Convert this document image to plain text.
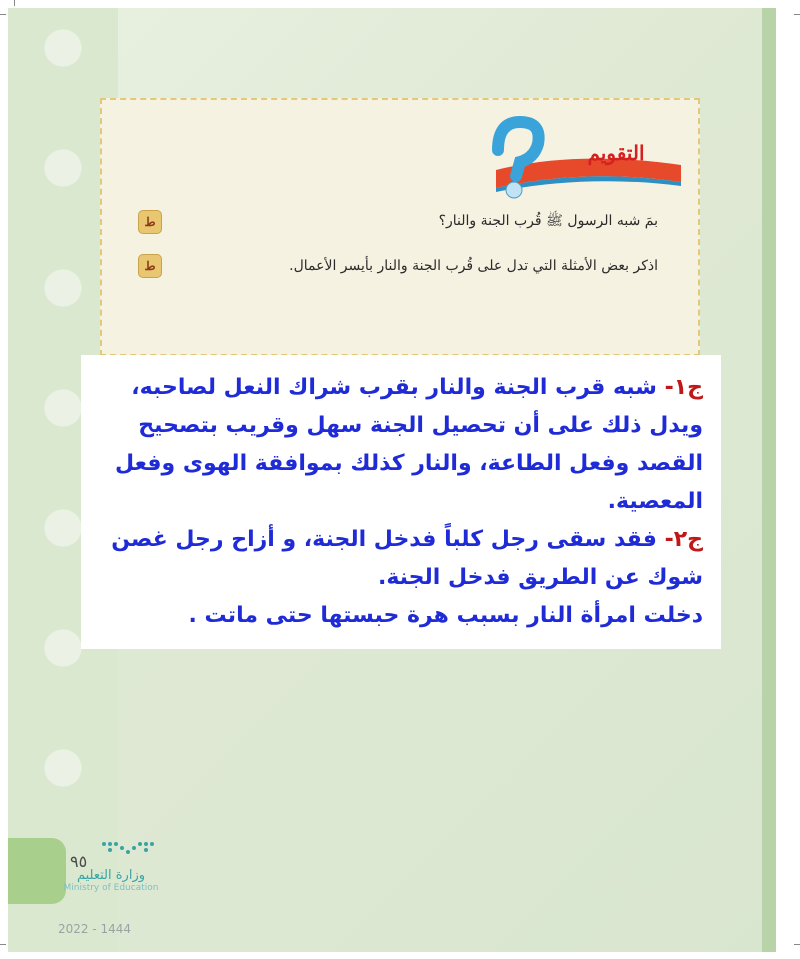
التقويم
ط	بمَ شبه الرسول ﷺ قُرب الجنة والنار؟
ط	اذكر بعض الأمثلة التي تدل على قُرب الجنة والنار بأيسر الأعمال.

ج١- شبه قرب الجنة والنار بقرب شراك النعل لصاحبه،

ويدل ذلك على أن تحصيل الجنة سهل وقريب بتصحيح

القصد وفعل الطاعة، والنار كذلك بموافقة الهوى وفعل

المعصية.

ج٢- فقد سقى رجل كلباً فدخل الجنة، و أزاح رجل غصن

شوك عن الطريق فدخل الجنة.

دخلت امرأة النار بسبب هرة حبستها حتى ماتت .

٩٥
وزارة التعليم
Ministry of Education
2022 - 1444
